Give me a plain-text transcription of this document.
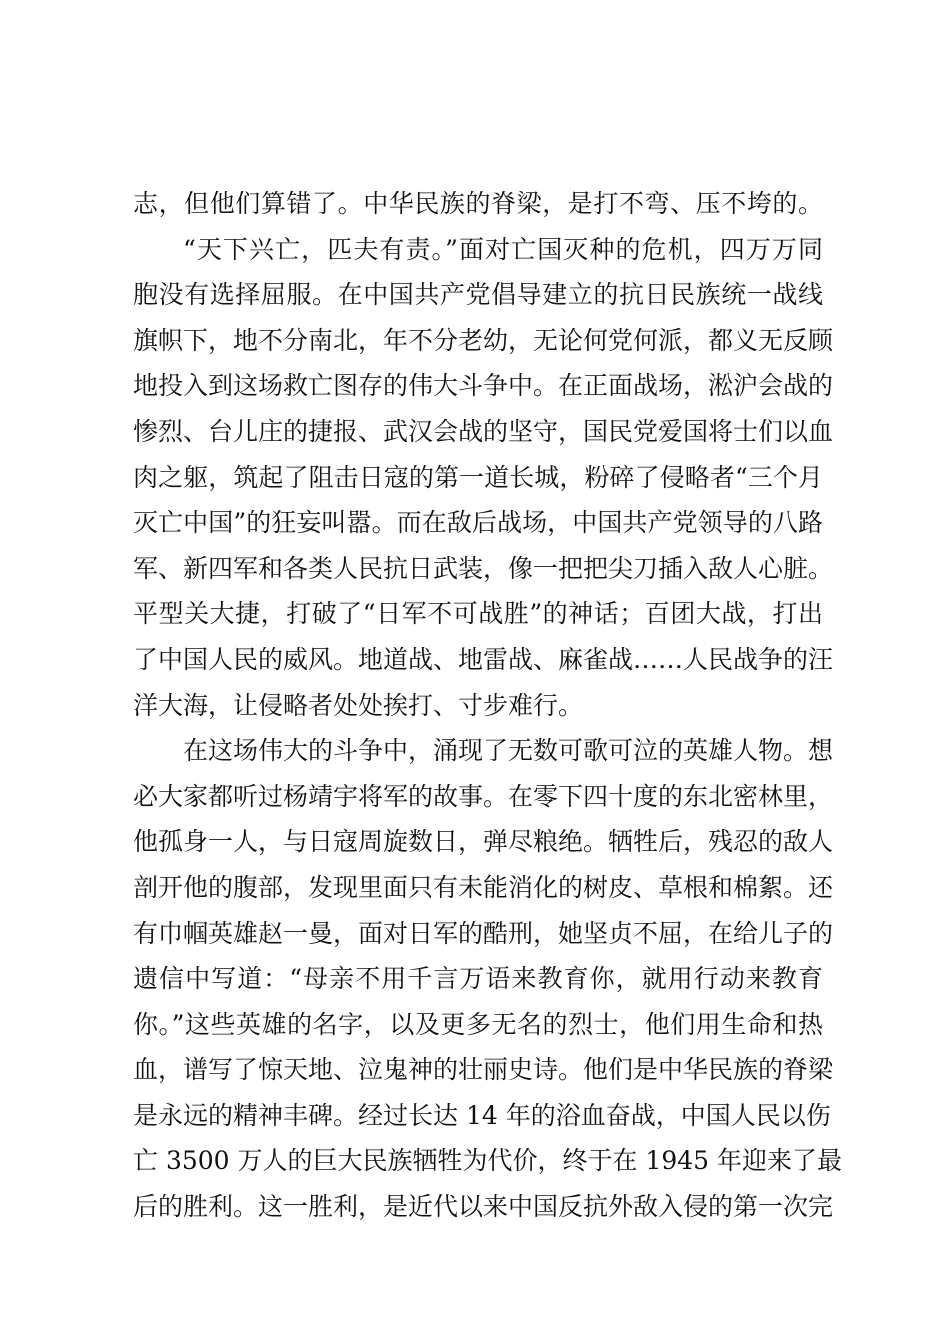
志，但他们算错了。中华民族的脊梁，是打不弯、压不垮的。
“天下兴亡，匹夫有责。”面对亡国灭种的危机，四万万同
胞没有选择屈服。在中国共产党倡导建立的抗日民族统一战线
旗帜下，地不分南北，年不分老幼，无论何党何派，都义无反顾
地投入到这场救亡图存的伟大斗争中。在正面战场，淞沪会战的
惨烈、台儿庄的捷报、武汉会战的坚守，国民党爱国将士们以血
肉之躯，筑起了阻击日寇的第一道长城，粉碎了侵略者“三个月
灭亡中国”的狂妄叫嚣。而在敌后战场，中国共产党领导的八路
军、新四军和各类人民抗日武装，像一把把尖刀插入敌人心脏。
平型关大捷，打破了“日军不可战胜”的神话；百团大战，打出
了中国人民的威风。地道战、地雷战、麻雀战……人民战争的汪
洋大海，让侵略者处处挨打、寸步难行。
在这场伟大的斗争中，涌现了无数可歌可泣的英雄人物。想
必大家都听过杨靖宇将军的故事。在零下四十度的东北密林里，
他孤身一人，与日寇周旋数日，弹尽粮绝。牺牲后，残忍的敌人
剖开他的腹部，发现里面只有未能消化的树皮、草根和棉絮。还
有巾帼英雄赵一曼，面对日军的酷刑，她坚贞不屈，在给儿子的
遗信中写道：“母亲不用千言万语来教育你，就用行动来教育
你。”这些英雄的名字，以及更多无名的烈士，他们用生命和热
血，谱写了惊天地、泣鬼神的壮丽史诗。他们是中华民族的脊梁
是永远的精神丰碑。经过长达 14 年的浴血奋战，中国人民以伤
亡 3500 万人的巨大民族牺牲为代价，终于在 1945 年迎来了最
后的胜利。这一胜利，是近代以来中国反抗外敌入侵的第一次完
